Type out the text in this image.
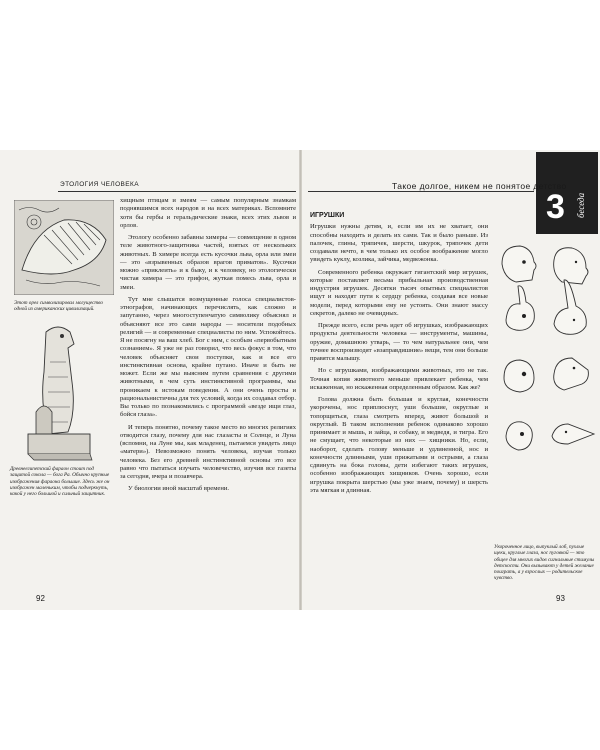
ЭТОЛОГИЯ ЧЕЛОВЕКА
Этот орел символизировал могущество одной из американских цивилизаций.
Древнеегипетский фараон стоит под защитой сокола — бога Ра. Обычно крупные изображения фараона большие. Здесь же он изображен маленьким, чтобы подчеркнуть, какой у него большой и сильный защитник.

хищным птицам и змеям — самым популярным знамкам поднявшимся всех народов и на всех материках. Вспомните хотя бы гербы и геральдические знаки, всех этих львов и орлов.

Этологу особенно забавны химеры — совмещение в одном теле животного-защитника частей, взятых от нескольких животных. В химере всегда есть кусочки льва, орла или змеи — это «взрывенных образов врагов приматов». Кусочки можно «приклеить» и к быку, и к человеку, но этологически чистая химера — это грифон, жуткая помесь льва, орла и змеи.

Тут мне слышатся возмущенные голоса специалистов-этнографов, начинающих перечислять, как сложно и запутанно, через многоступенчатую символику объяснял и объясняют все это сами народы — носители подобных религий — и современные специалисты по ним. Успокойтесь. Я не посягну на ваш хлеб. Бог с ним, с особым «первобытным сознанием». Я уже не раз говорил, что весь фокус в том, что человек объясняет свои поступки, как и все его инстинктивная основа, крайне путано. Иначе и быть не может. Если же мы выясним путем сравнения с другими животными, в чем суть инстинктивной программы, мы проникаем к истокам поведения. А они очень просты и рациональнистичны для тех условий, когда их создавал отбор. Вы только по познакомились с программой «везде ищи глаз, бойся глаза».

И теперь понятно, почему такое место во многих религиях отводится глазу, почему для нас глазасты и Солнце, и Луна (вспомни, на Луне мы, как младенец, пытаемся увидеть лицо «матери»). Невозможно понять человека, изучая только человека. Без его древней инстинктивной основы это все равно что пытаться изучать человечество, изучив все газеты за сегодня, вчера и позавчера.

У биологии иной масштаб времени.

92
3 беседа
Такое долгое, никем не понятое детство
ИГРУШКИ

Игрушки нужны детям, и, если им их не хватает, они способны находить и делать их сами. Так и было раньше. Из палочек, глины, тряпичек, шерсти, шкурок, тряпочек дети создавали нечто, в чем только их особое воображение могло увидеть куклу, козлика, зайчика, медвежонка.

Современного ребенка окружает гигантский мир игрушек, которые поставляет весьма прибыльная производственная индустрия игрушек. Десятки тысяч опытных специалистов ищут и находят пути к сердцу ребенка, создавая все новые модели, перед которыми ему не устоять. Они знают массу секретов, далеко не очевидных.

Прежде всего, если речь идет об игрушках, изображающих продукты деятельности человека — инструменты, машины, оружие, домашнюю утварь, — то чем натуральнее они, чем точнее воспроизводят «взаправдишние» вещи, тем они больше правятся малышу.

Но с игрушками, изображающими животных, это не так. Точная копия животного меньше привлекает ребенка, чем искаженная, но искаженная определенным образом. Как же?

Голова должна быть большая и круглая, конечности укорочены, нос приплюснут, уши большие, округлые и топорщиться, глаза смотреть вперед, живот большой и округлый. В таком исполнении ребенок одинаково хорошо принимает и мышь, и зайца, и собаку, и медведя, и тигра. Его не смущает, что некоторые из них — хищники. Но, если, наоборот, сделать голову меньше и удлиненной, нос и конечности длинными, уши прижатыми и острыми, а глаза сдвинуть на бока головы, дети избегают таких игрушек, особенно изображающих хищников. Очень хорошо, если игрушка покрыта шерстью (мы уже знаем, почему) и шерсть эта мягкая и длинная.

Укороченное лицо, выпуклый лоб, пухлые щеки, круглые глаза, нос пуговкой — это общее для многих видов сигнальные стимулы детскости. Они вызывают у детей желание поиграть, а у взрослых — родительское чувство.
93
